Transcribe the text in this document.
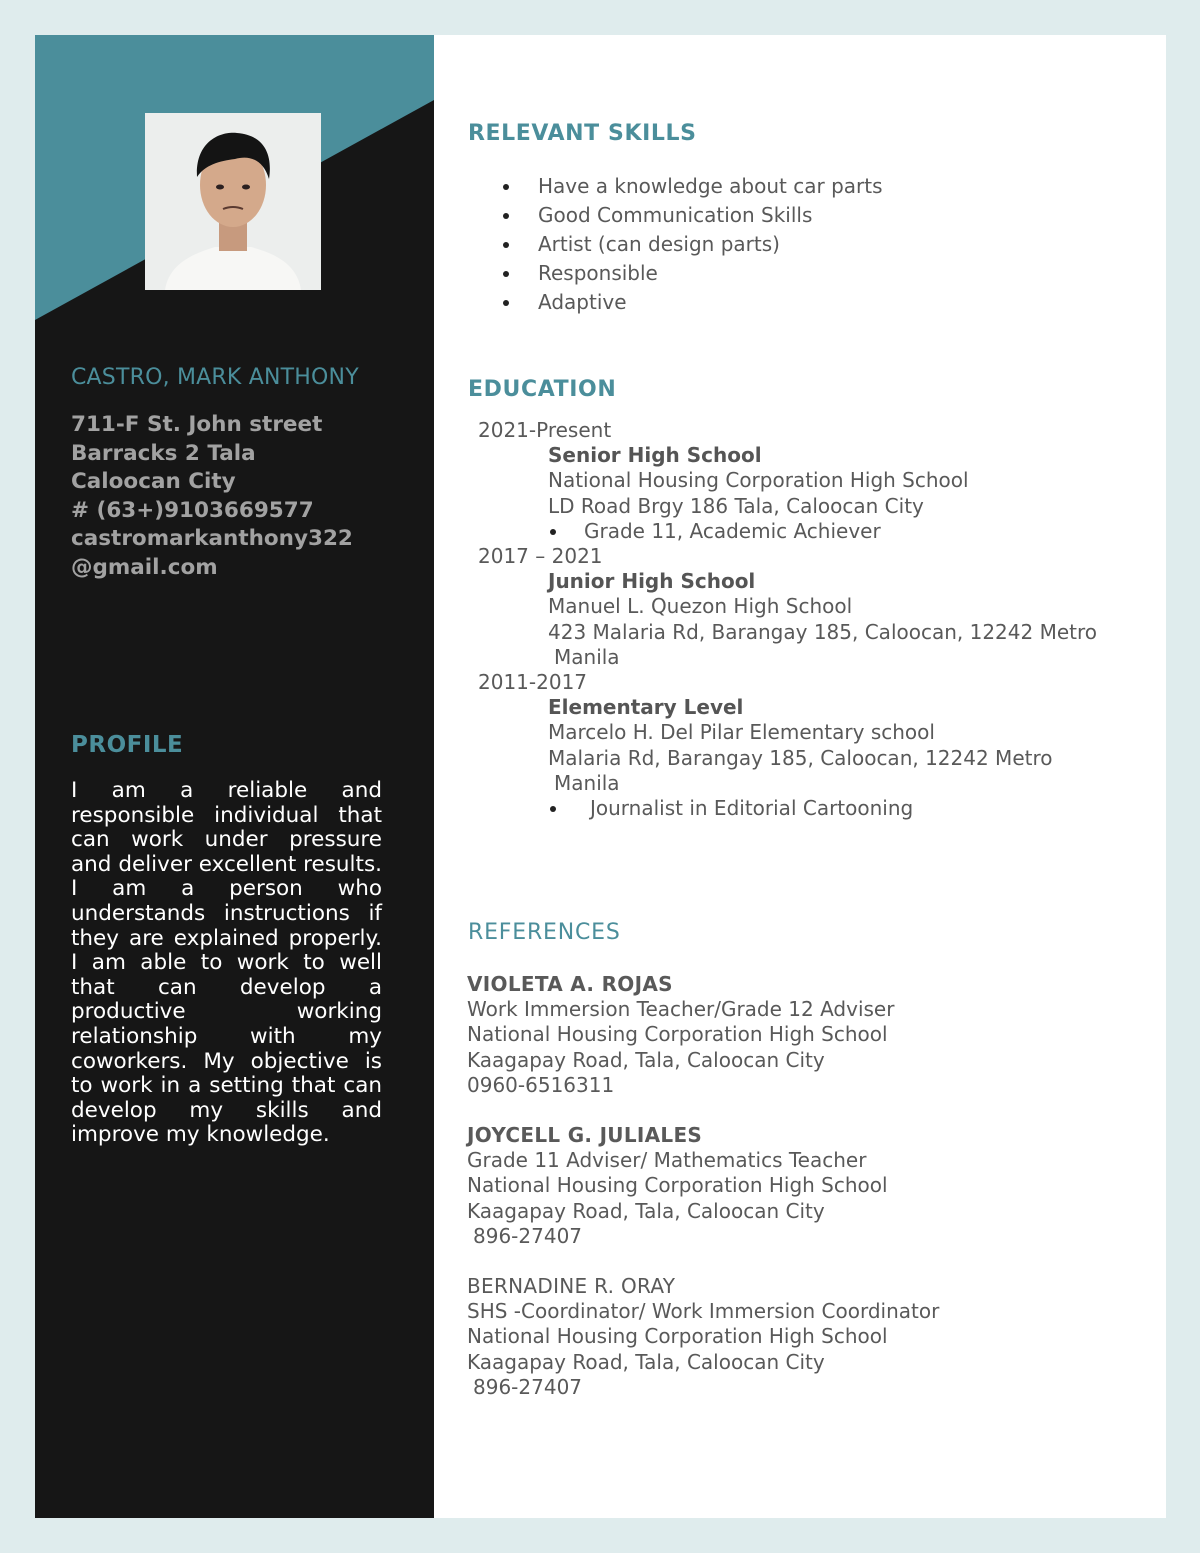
CASTRO, MARK ANTHONY
711-F St. John street
Barracks 2 Tala
Caloocan City
# (63+)9103669577
castromarkanthony322
@gmail.com
PROFILE
I am a reliable and responsible individual that can work under pressure and deliver excellent results. I am a person who understands instructions if they are explained properly. I am able to work to well that can develop a productive working relationship with my coworkers. My objective is to work in a setting that can develop my skills and improve my knowledge.
RELEVANT SKILLS
Have a knowledge about car parts
Good Communication Skills
Artist (can design parts)
Responsible
Adaptive
EDUCATION
2021-Present
Senior High School
National Housing Corporation High School
LD Road Brgy 186 Tala, Caloocan City
Grade 11, Academic Achiever
2017 – 2021
Junior High School
Manuel L. Quezon High School
423 Malaria Rd, Barangay 185, Caloocan, 12242 Metro
Manila
2011-2017
Elementary Level
Marcelo H. Del Pilar Elementary school
Malaria Rd, Barangay 185, Caloocan, 12242 Metro
Manila
Journalist in Editorial Cartooning
REFERENCES
VIOLETA A. ROJAS
Work Immersion Teacher/Grade 12 Adviser
National Housing Corporation High School
Kaagapay Road, Tala, Caloocan City
0960-6516311
JOYCELL G. JULIALES
Grade 11 Adviser/ Mathematics Teacher
National Housing Corporation High School
Kaagapay Road, Tala, Caloocan City
896-27407
BERNADINE R. ORAY
SHS -Coordinator/ Work Immersion Coordinator
National Housing Corporation High School
Kaagapay Road, Tala, Caloocan City
896-27407
